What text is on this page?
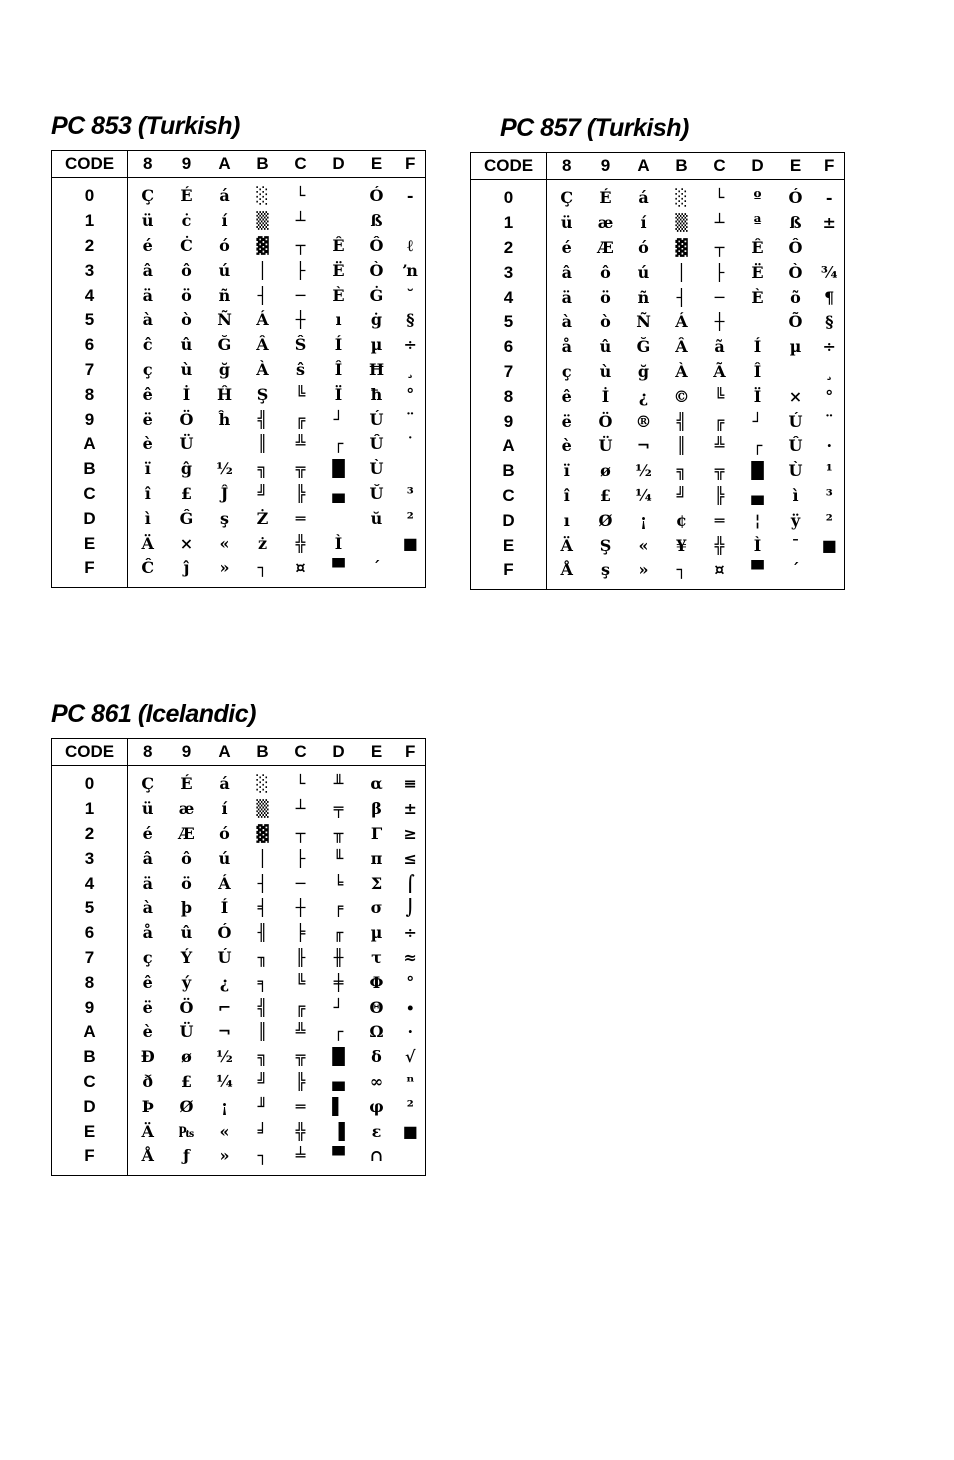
PC 853 (Turkish)
CODE	8	9	A	B	C	D	E	F

0	Ç	É	á	░	└		Ó	-
1	ü	ċ	í	▒	┴		ß	
2	é	Ċ	ó	▓	┬	Ê	Ô	ℓ
3	â	ô	ú	│	├	Ë	Ò	ŉ
4	ä	ö	ñ	┤	─	È	Ġ	˘
5	à	ò	Ñ	Á	┼	ı	ġ	§
6	ĉ	û	Ğ	Â	Ŝ	Í	µ	÷
7	ç	ù	ğ	À	ŝ	Î	Ħ	¸
8	ê	İ	Ĥ	Ş	╚	Ï	ħ	°
9	ë	Ö	ĥ	╣	╔	┘	Ú	¨
A	è	Ü		║	╩	┌	Û	˙
B	ï	ĝ	½	╗	╦	█	Ù	
C	î	£	Ĵ	╝	╠	▄	Ŭ	³
D	ì	Ĝ	ş	Ż	═		ŭ	²
E	Ä	×	«	ż	╬	Ì		■
F	Ĉ	ĵ	»	┐	¤	▀	´	

PC 857 (Turkish)
CODE	8	9	A	B	C	D	E	F

0	Ç	É	á	░	└	º	Ó	-
1	ü	æ	í	▒	┴	ª	ß	±
2	é	Æ	ó	▓	┬	Ê	Ô	
3	â	ô	ú	│	├	Ë	Ò	¾
4	ä	ö	ñ	┤	─	È	õ	¶
5	à	ò	Ñ	Á	┼		Õ	§
6	å	û	Ğ	Â	ã	Í	µ	÷
7	ç	ù	ğ	À	Ã	Î		¸
8	ê	İ	¿	©	╚	Ï	×	°
9	ë	Ö	®	╣	╔	┘	Ú	¨
A	è	Ü	¬	║	╩	┌	Û	·
B	ï	ø	½	╗	╦	█	Ù	¹
C	î	£	¼	╝	╠	▄	ì	³
D	ı	Ø	¡	¢	═	¦	ÿ	²
E	Ä	Ş	«	¥	╬	Ì	¯	■
F	Å	ş	»	┐	¤	▀	´	

PC 861 (Icelandic)
CODE	8	9	A	B	C	D	E	F

0	Ç	É	á	░	└	╨	α	≡
1	ü	æ	í	▒	┴	╤	β	±
2	é	Æ	ó	▓	┬	╥	Γ	≥
3	â	ô	ú	│	├	╙	π	≤
4	ä	ö	Á	┤	─	╘	Σ	⌠
5	à	þ	Í	╡	┼	╒	σ	⌡
6	å	û	Ó	╢	╞	╓	µ	÷
7	ç	Ý	Ú	╖	╟	╫	τ	≈
8	ê	ý	¿	╕	╚	╪	Φ	°
9	ë	Ö	⌐	╣	╔	┘	Θ	∙
A	è	Ü	¬	║	╩	┌	Ω	·
B	Ð	ø	½	╗	╦	█	δ	√
C	ð	£	¼	╝	╠	▄	∞	ⁿ
D	Þ	Ø	¡	╜	═	▌	φ	²
E	Ä	₧	«	╛	╬	▐	ε	■
F	Å	ƒ	»	┐	╧	▀	∩	
